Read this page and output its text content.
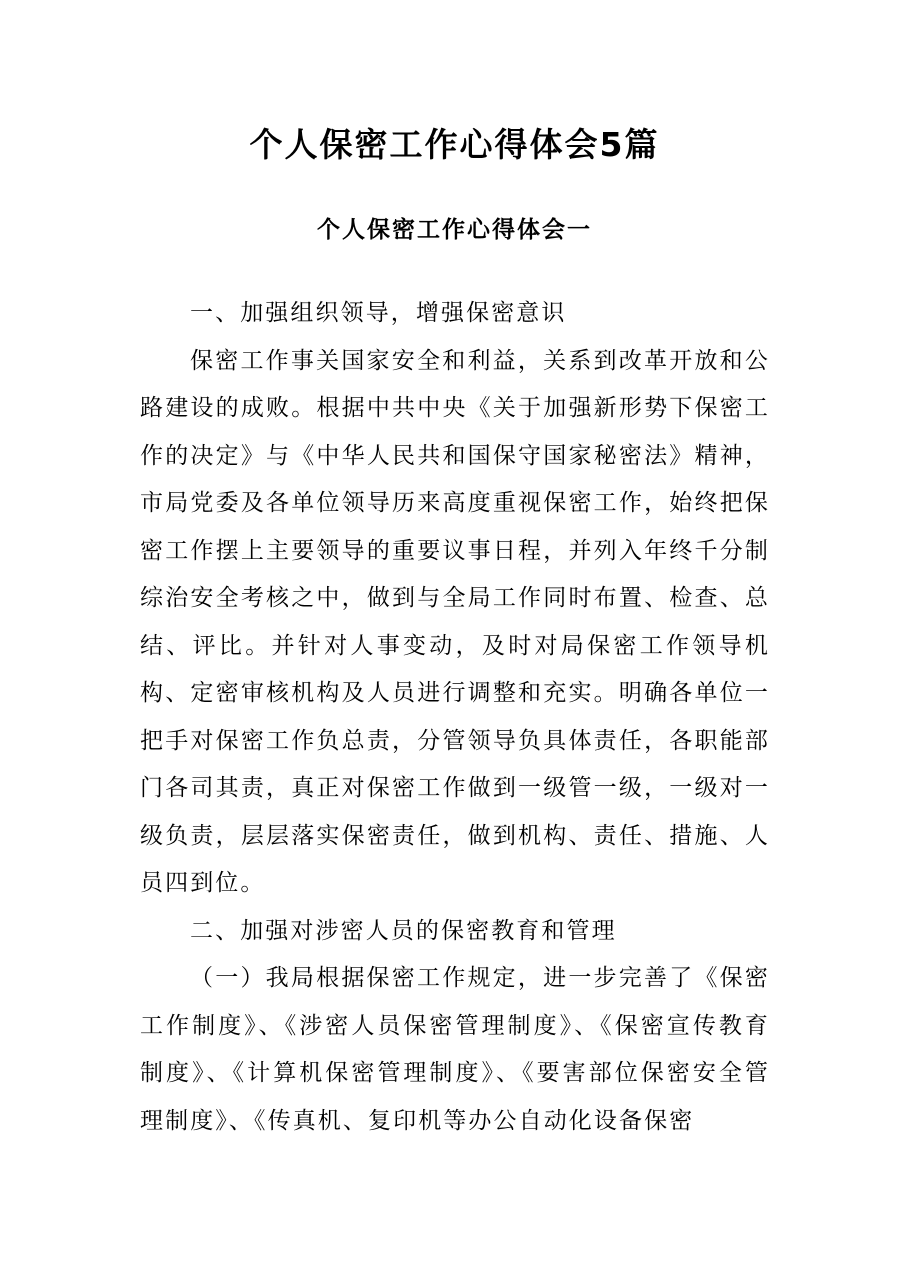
个人保密工作心得体会5篇
个人保密工作心得体会一

一、加强组织领导，增强保密意识

保密工作事关国家安全和利益，关系到改革开放和公路建设的成败。根据中共中央《关于加强新形势下保密工作的决定》与《中华人民共和国保守国家秘密法》精神，市局党委及各单位领导历来高度重视保密工作，始终把保密工作摆上主要领导的重要议事日程，并列入年终千分制综治安全考核之中，做到与全局工作同时布置、检查、总结、评比。并针对人事变动，及时对局保密工作领导机构、定密审核机构及人员进行调整和充实。明确各单位一把手对保密工作负总责，分管领导负具体责任，各职能部门各司其责，真正对保密工作做到一级管一级，一级对一级负责，层层落实保密责任，做到机构、责任、措施、人员四到位。

二、加强对涉密人员的保密教育和管理

（一）我局根据保密工作规定，进一步完善了《保密工作制度》、《涉密人员保密管理制度》、《保密宣传教育制度》、《计算机保密管理制度》、《要害部位保密安全管理制度》、《传真机、复印机等办公自动化设备保密
